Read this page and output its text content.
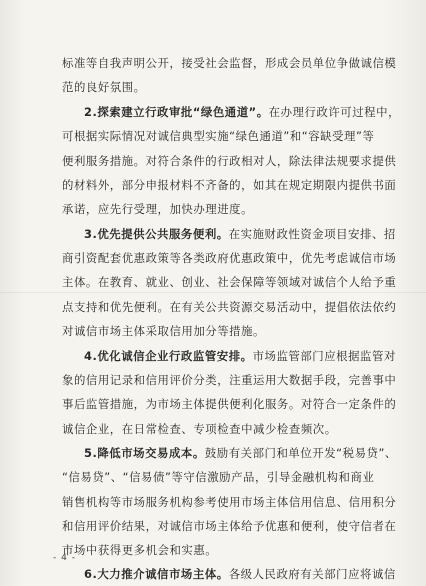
标准等自我声明公开，接受社会监督，形成会员单位争做诚信模
范的良好氛围。
2.探索建立行政审批“绿色通道”。在办理行政许可过程中，
可根据实际情况对诚信典型实施“绿色通道”和“容缺受理”等
便利服务措施。对符合条件的行政相对人，除法律法规要求提供
的材料外，部分申报材料不齐备的，如其在规定期限内提供书面
承诺，应先行受理，加快办理进度。
3.优先提供公共服务便利。在实施财政性资金项目安排、招
商引资配套优惠政策等各类政府优惠政策中，优先考虑诚信市场
主体。在教育、就业、创业、社会保障等领域对诚信个人给予重
点支持和优先便利。在有关公共资源交易活动中，提倡依法依约
对诚信市场主体采取信用加分等措施。
4.优化诚信企业行政监管安排。市场监管部门应根据监管对
象的信用记录和信用评价分类，注重运用大数据手段，完善事中
事后监管措施，为市场主体提供便利化服务。对符合一定条件的
诚信企业，在日常检查、专项检查中减少检查频次。
5.降低市场交易成本。鼓励有关部门和单位开发“税易贷”、
“信易贷”、“信易债”等守信激励产品，引导金融机构和商业
销售机构等市场服务机构参考使用市场主体信用信息、信用积分
和信用评价结果，对诚信市场主体给予优惠和便利，使守信者在
市场中获得更多机会和实惠。
6.大力推介诚信市场主体。各级人民政府有关部门应将诚信
- 4 -
